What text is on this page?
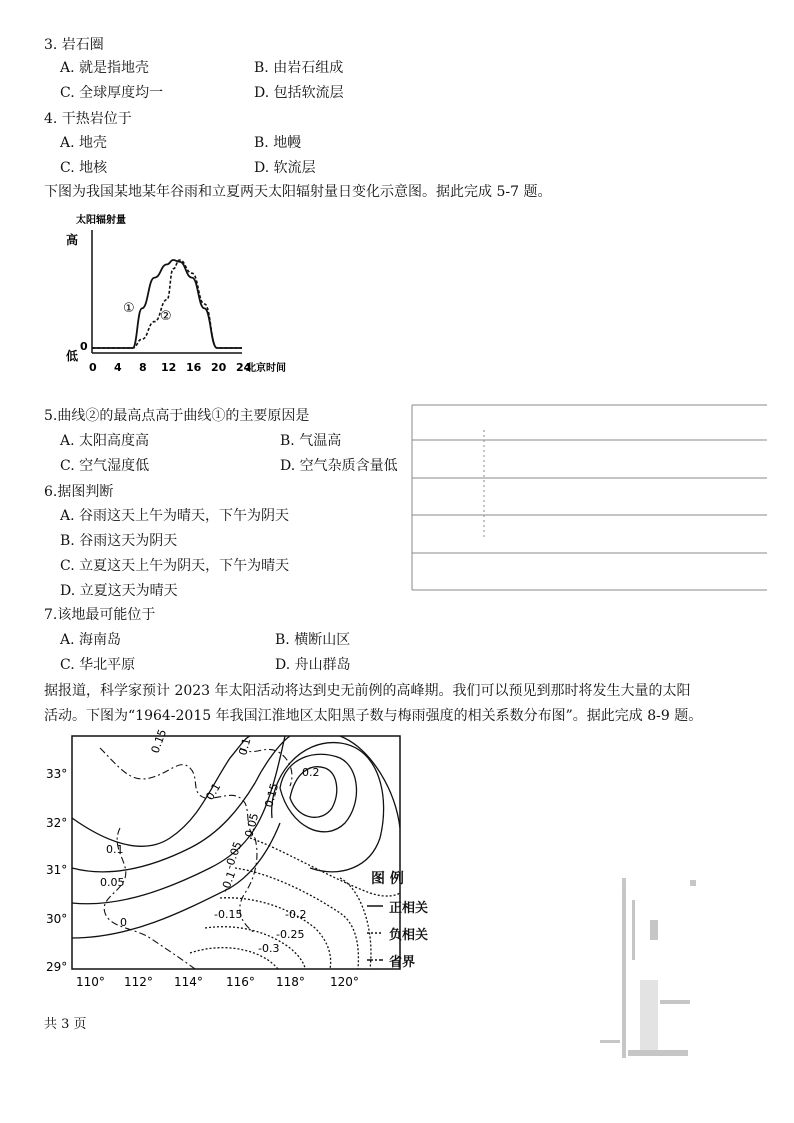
3. 岩石圈
A. 就是指地壳	B. 由岩石组成
C. 全球厚度均一	D. 包括软流层
4. 干热岩位于
A. 地壳	B. 地幔
C. 地核	D. 软流层
下图为我国某地某年谷雨和立夏两天太阳辐射量日变化示意图。据此完成 5-7 题。
太阳辐射量
高
低
0
0 4 8 12 16 20 24
北京时间
①
②
5.曲线②的最高点高于曲线①的主要原因是
A. 太阳高度高	B. 气温高
C. 空气湿度低	D. 空气杂质含量低
6.据图判断
A. 谷雨这天上午为晴天，下午为阴天
B. 谷雨这天为阴天
C. 立夏这天上午为阴天，下午为晴天
D. 立夏这天为晴天
7.该地最可能位于
A. 海南岛	B. 横断山区
C. 华北平原	D. 舟山群岛
据报道，科学家预计 2023 年太阳活动将达到史无前例的高峰期。我们可以预见到那时将发生大量的太阳
活动。下图为“1964-2015 年我国江淮地区太阳黑子数与梅雨强度的相关系数分布图”。据此完成 8-9 题。
33°
32°
31°
30°
29°
110° 112° 114° 116° 118° 120°
0.15
0.1
0.1
0.05
0
-0.05
-0.1
-0.15	-0.2
-0.25
-0.3
0.15
0.2
0.1
0.05
图 例
正相关
负相关
省界
共 3 页
